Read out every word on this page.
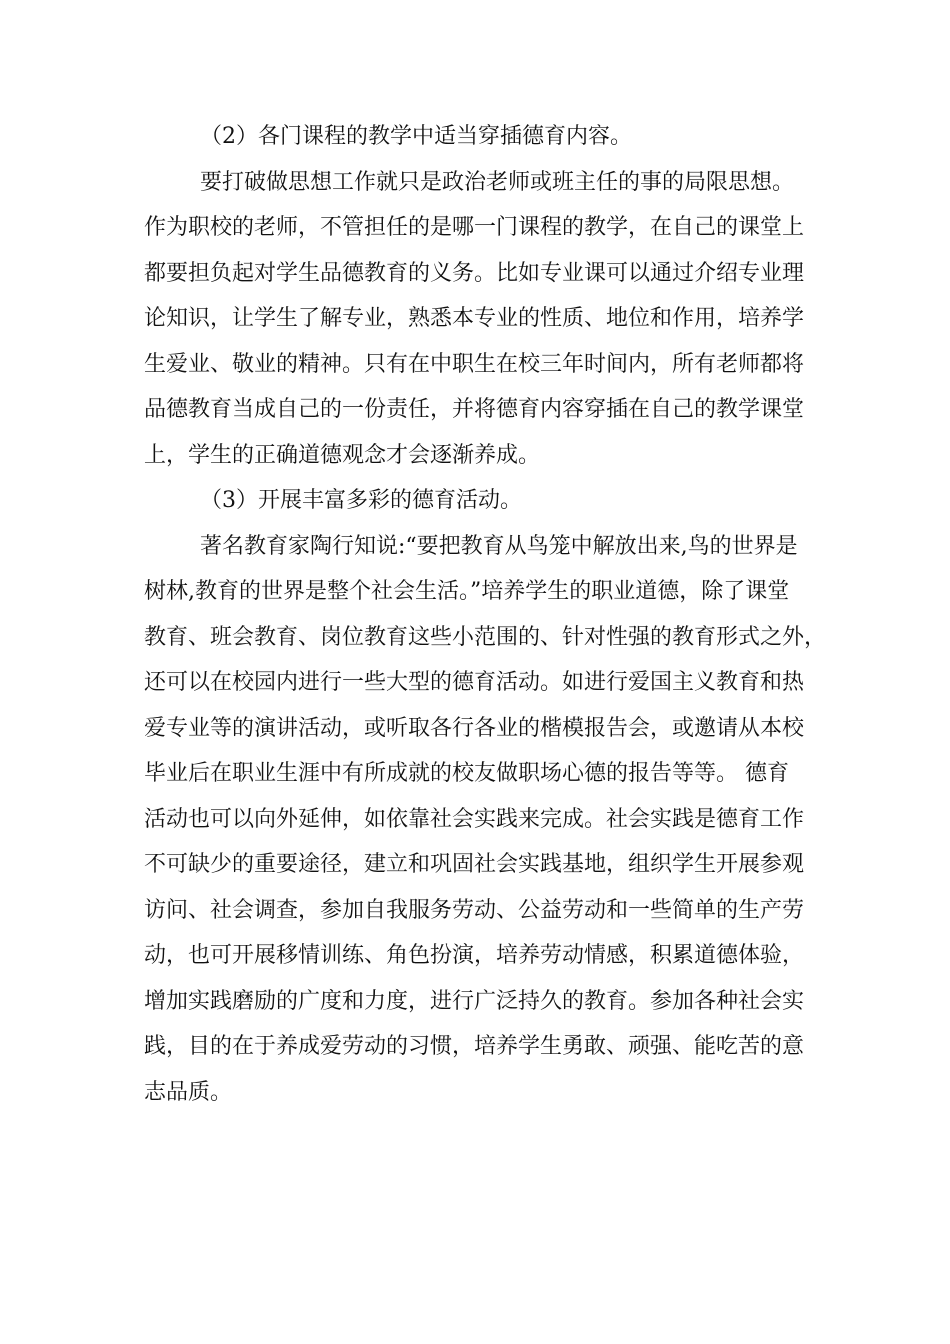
（2）各门课程的教学中适当穿插德育内容。
要打破做思想工作就只是政治老师或班主任的事的局限思想。
作为职校的老师，不管担任的是哪一门课程的教学，在自己的课堂上
都要担负起对学生品德教育的义务。比如专业课可以通过介绍专业理
论知识，让学生了解专业，熟悉本专业的性质、地位和作用，培养学
生爱业、敬业的精神。只有在中职生在校三年时间内，所有老师都将
品德教育当成自己的一份责任，并将德育内容穿插在自己的教学课堂
上，学生的正确道德观念才会逐渐养成。
（3）开展丰富多彩的德育活动。
著名教育家陶行知说:“要把教育从鸟笼中解放出来,鸟的世界是
树林,教育的世界是整个社会生活。”培养学生的职业道德，除了课堂
教育、班会教育、岗位教育这些小范围的、针对性强的教育形式之外，
还可以在校园内进行一些大型的德育活动。如进行爱国主义教育和热
爱专业等的演讲活动，或听取各行各业的楷模报告会，或邀请从本校
毕业后在职业生涯中有所成就的校友做职场心德的报告等等。 德育
活动也可以向外延伸，如依靠社会实践来完成。社会实践是德育工作
不可缺少的重要途径，建立和巩固社会实践基地，组织学生开展参观
访问、社会调查，参加自我服务劳动、公益劳动和一些简单的生产劳
动，也可开展移情训练、角色扮演，培养劳动情感，积累道德体验，
增加实践磨励的广度和力度，进行广泛持久的教育。参加各种社会实
践，目的在于养成爱劳动的习惯，培养学生勇敢、顽强、能吃苦的意
志品质。
